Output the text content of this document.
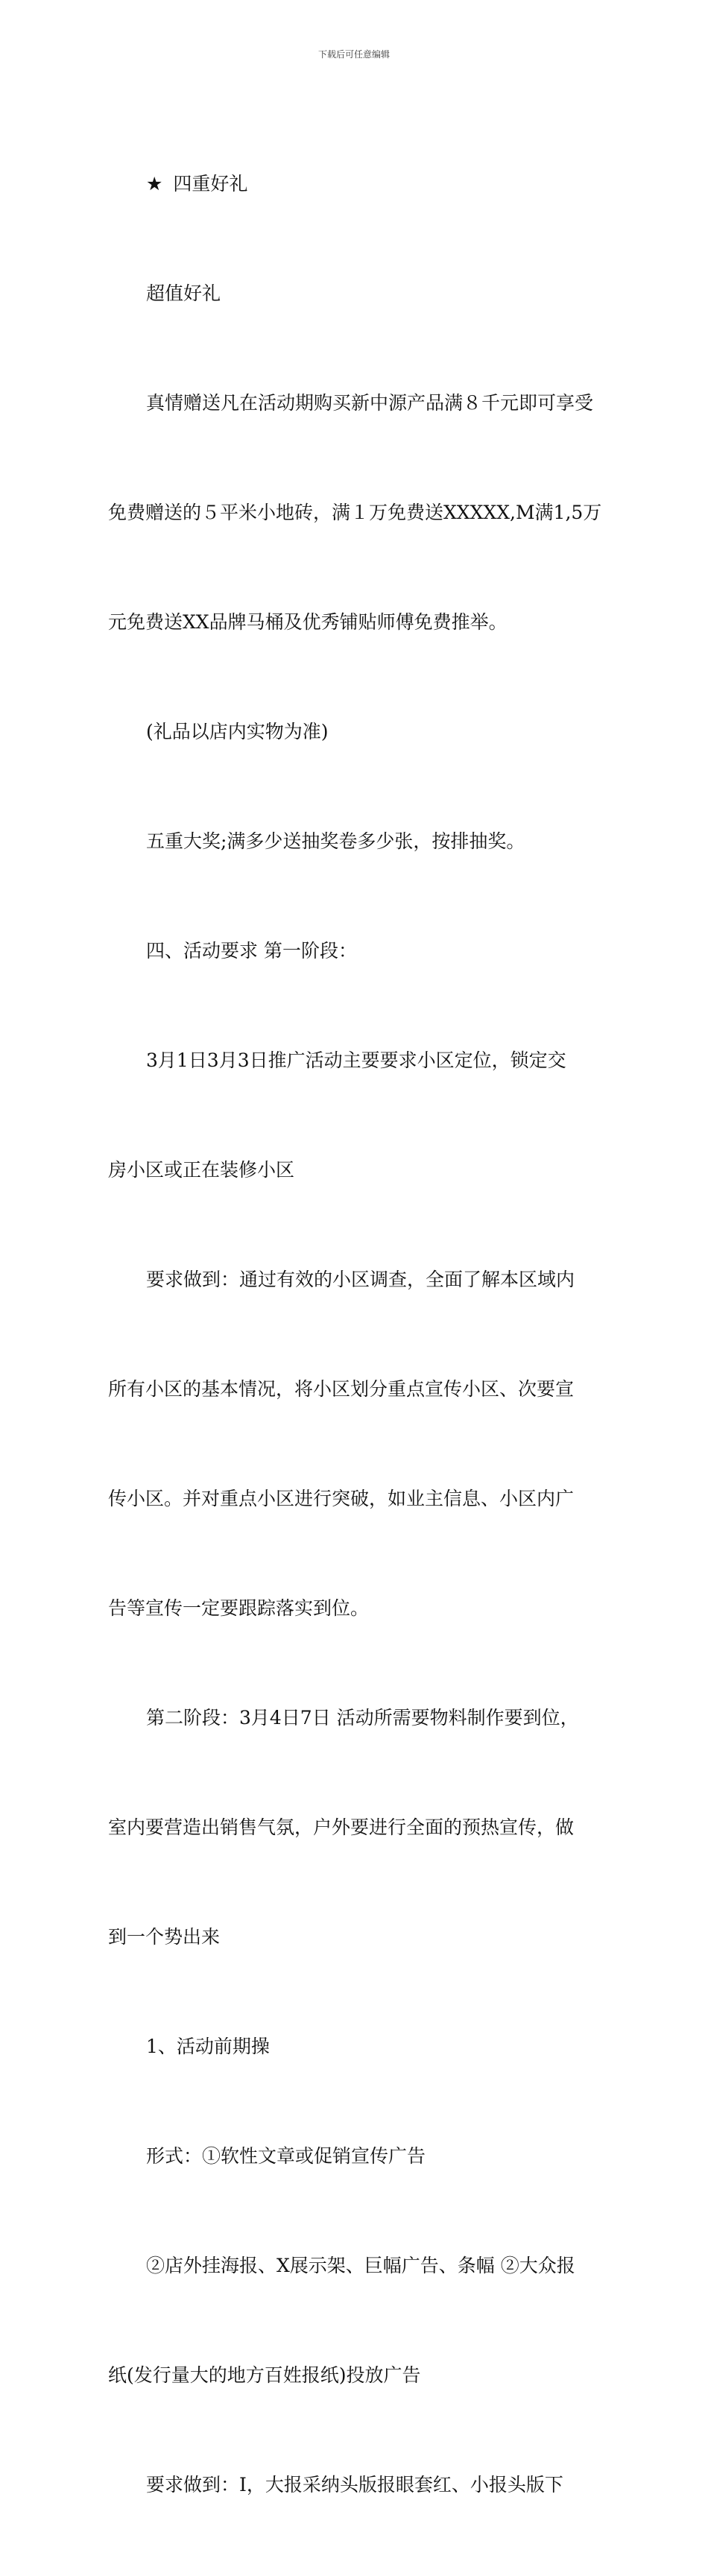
下载后可任意编辑

★ 四重好礼

超值好礼

真情赠送凡在活动期购买新中源产品满８千元即可享受

免费赠送的５平米小地砖，满１万免费送XXXXX,M满1,5万

元免费送XX品牌马桶及优秀铺贴师傅免费推举。

(礼品以店内实物为准)

五重大奖;满多少送抽奖卷多少张，按排抽奖。

四、活动要求 第一阶段：

3月1日3月3日推广活动主要要求小区定位，锁定交

房小区或正在装修小区

要求做到：通过有效的小区调查，全面了解本区域内

所有小区的基本情况，将小区划分重点宣传小区、次要宣

传小区。并对重点小区进行突破，如业主信息、小区内广

告等宣传一定要跟踪落实到位。

第二阶段：3月4日7日 活动所需要物料制作要到位，

室内要营造出销售气氛，户外要进行全面的预热宣传，做

到一个势出来

1、活动前期操

形式：①软性文章或促销宣传广告

②店外挂海报、X展示架、巨幅广告、条幅 ②大众报

纸(发行量大的地方百姓报纸)投放广告

要求做到：Ⅰ，大报采纳头版报眼套红、小报头版下
